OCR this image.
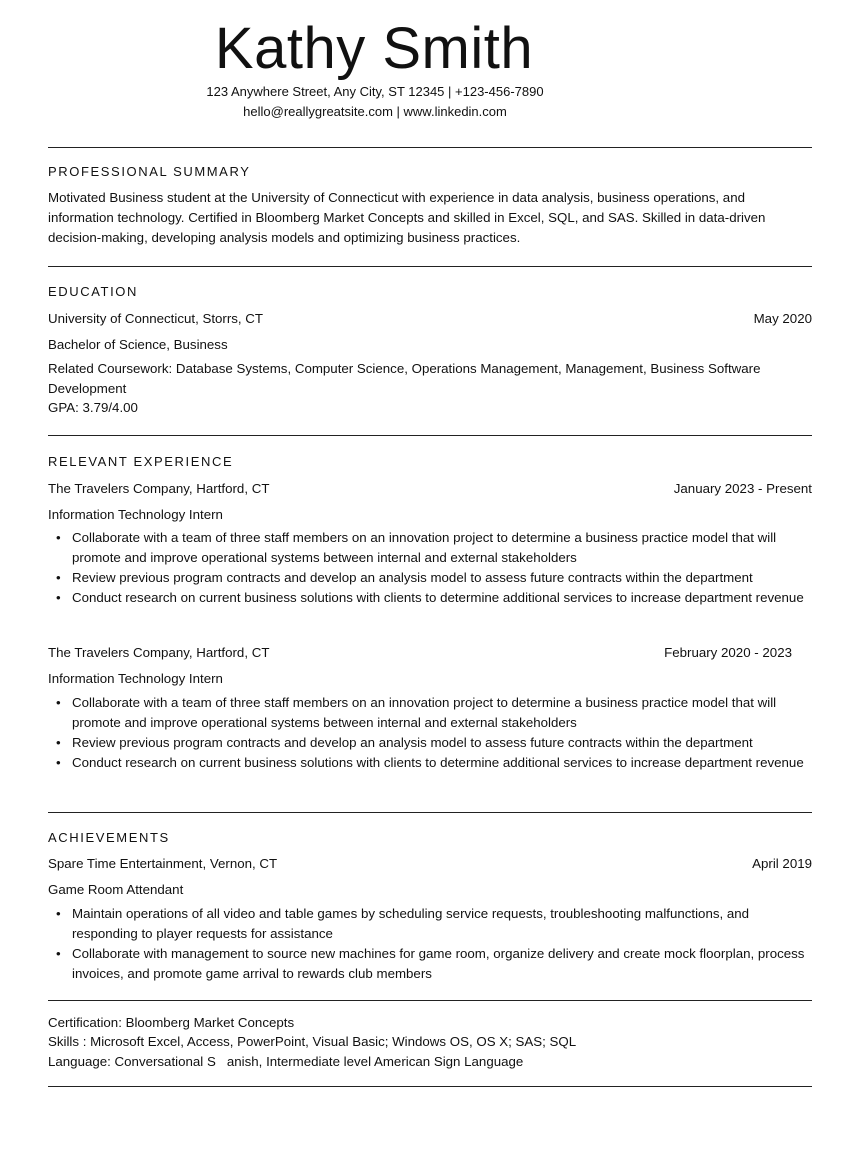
Kathy Smith
123 Anywhere Street, Any City, ST 12345 | +123-456-7890
hello@reallygreatsite.com | www.linkedin.com
PROFESSIONAL SUMMARY
Motivated Business student at the University of Connecticut with experience in data analysis, business operations, and information technology. Certified in Bloomberg Market Concepts and skilled in Excel, SQL, and SAS. Skilled in data-driven decision-making, developing analysis models and optimizing business practices.
EDUCATION
University of Connecticut, Storrs, CT	May 2020
Bachelor of Science, Business
Related Coursework: Database Systems, Computer Science, Operations Management, Management, Business Software Development
GPA: 3.79/4.00
RELEVANT EXPERIENCE
The Travelers Company, Hartford, CT	January 2023 - Present
Information Technology Intern
• Collaborate with a team of three staff members on an innovation project to determine a business practice model that will promote and improve operational systems between internal and external stakeholders
• Review previous program contracts and develop an analysis model to assess future contracts within the department
• Conduct research on current business solutions with clients to determine additional services to increase department revenue
The Travelers Company, Hartford, CT	February 2020 - 2023
Information Technology Intern
• Collaborate with a team of three staff members on an innovation project to determine a business practice model that will promote and improve operational systems between internal and external stakeholders
• Review previous program contracts and develop an analysis model to assess future contracts within the department
• Conduct research on current business solutions with clients to determine additional services to increase department revenue
ACHIEVEMENTS
Spare Time Entertainment, Vernon, CT	April 2019
Game Room Attendant
• Maintain operations of all video and table games by scheduling service requests, troubleshooting malfunctions, and responding to player requests for assistance
• Collaborate with management to source new machines for game room, organize delivery and create mock floorplan, process invoices, and promote game arrival to rewards club members
Certification: Bloomberg Market Concepts
Skills : Microsoft Excel, Access, PowerPoint, Visual Basic; Windows OS, OS X; SAS; SQL
Language: Conversational S   anish, Intermediate level American Sign Language
